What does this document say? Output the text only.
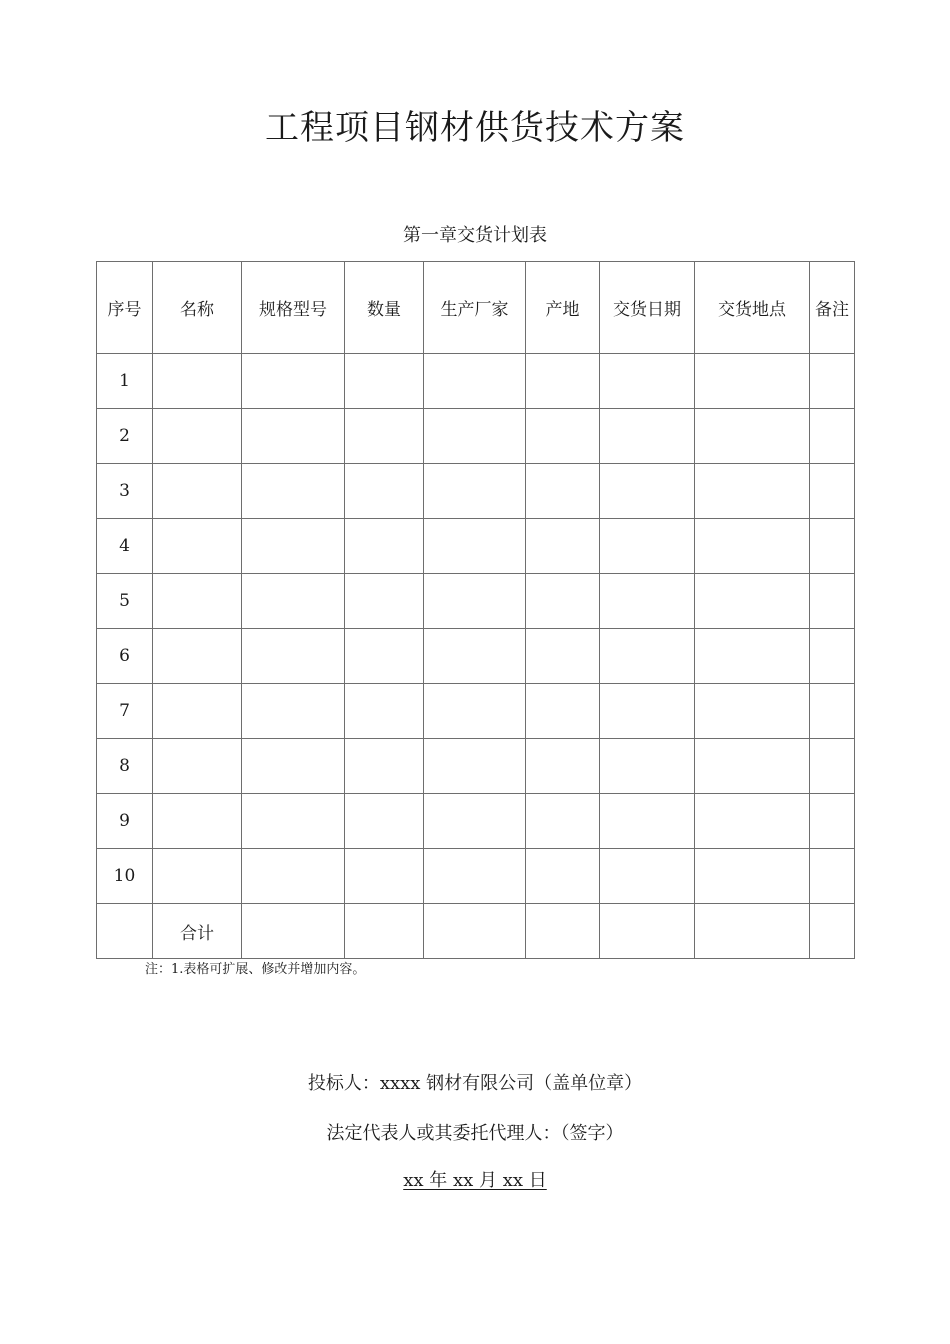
工程项目钢材供货技术方案
第一章交货计划表
序号	名称	规格型号	数量	生产厂家	产地	交货日期	交货地点	备注
1								
2								
3								
4								
5								
6								
7								
8								
9								
10								
	合计							
注：1.表格可扩展、修改并增加内容。
投标人：xxxx 钢材有限公司（盖单位章）
法定代表人或其委托代理人：（签字）
xx 年 xx 月 xx 日
